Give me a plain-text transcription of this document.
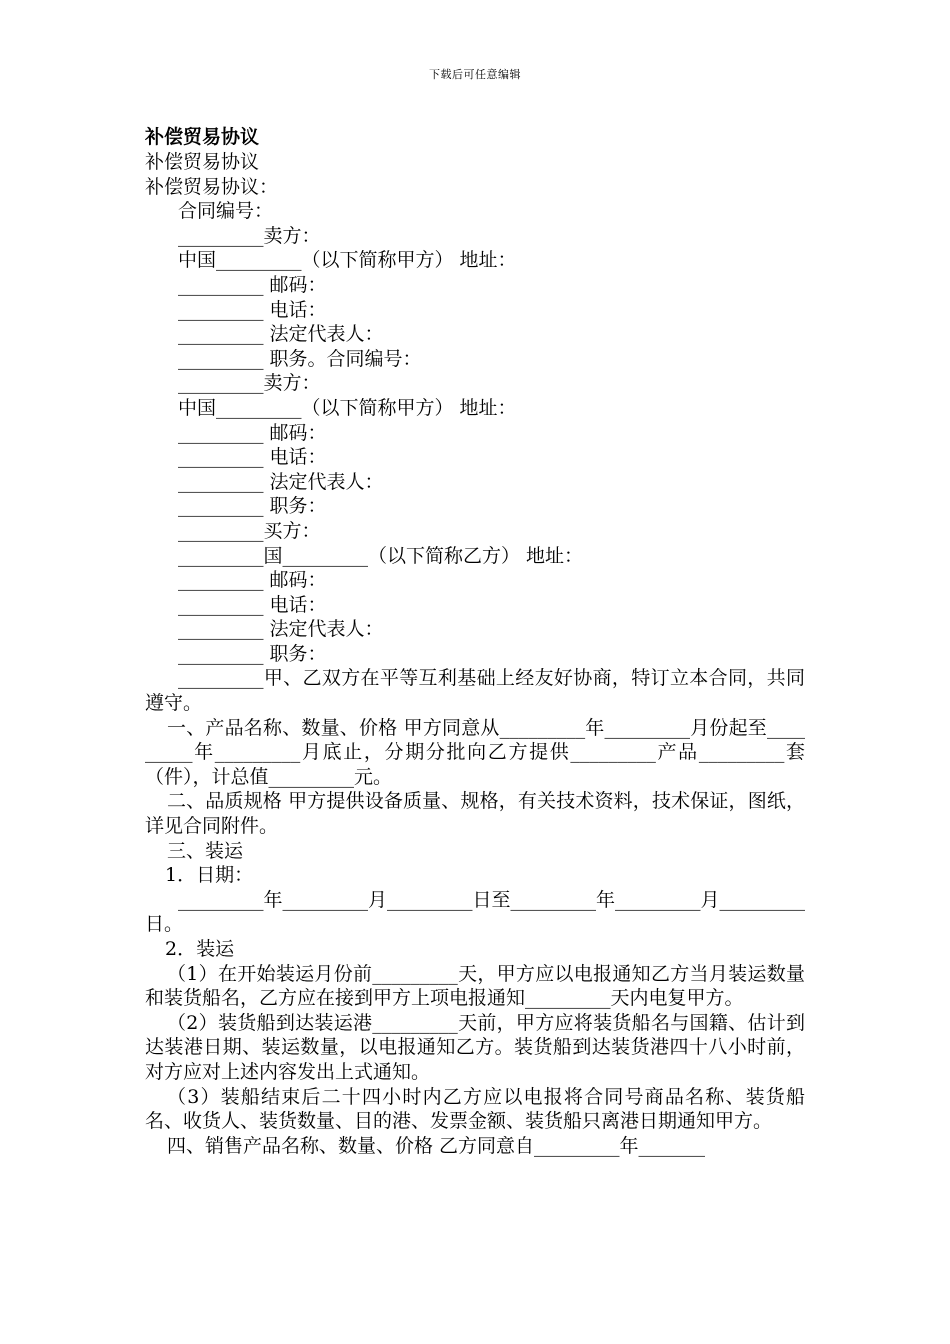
下载后可任意编辑

补偿贸易协议

补偿贸易协议

补偿贸易协议：

合同编号：

_________卖方：

中国_________（以下简称甲方） 地址：

_________ 邮码：

_________ 电话：

_________ 法定代表人：

_________ 职务。合同编号：

_________卖方：

中国_________（以下简称甲方） 地址：

_________ 邮码：

_________ 电话：

_________ 法定代表人：

_________ 职务：

_________买方：

_________国_________（以下简称乙方） 地址：

_________ 邮码：

_________ 电话：

_________ 法定代表人：

_________ 职务：

_________甲、乙双方在平等互利基础上经友好协商，特订立本合同，共同遵守。

一、产品名称、数量、价格 甲方同意从_________年_________月份起至_________年_________月底止，分期分批向乙方提供_________产品_________套（件），计总值_________元。

二、品质规格 甲方提供设备质量、规格，有关技术资料，技术保证，图纸，详见合同附件。

三、装运

1．日期：

_________年_________月_________日至_________年_________月_________日。

2．装运

（1）在开始装运月份前_________天，甲方应以电报通知乙方当月装运数量和装货船名，乙方应在接到甲方上项电报通知_________天内电复甲方。

（2）装货船到达装运港_________天前，甲方应将装货船名与国籍、估计到达装港日期、装运数量，以电报通知乙方。装货船到达装货港四十八小时前，对方应对上述内容发出上式通知。

（3）装船结束后二十四小时内乙方应以电报将合同号商品名称、装货船名、收货人、装货数量、目的港、发票金额、装货船只离港日期通知甲方。

四、销售产品名称、数量、价格 乙方同意自_________年_______
